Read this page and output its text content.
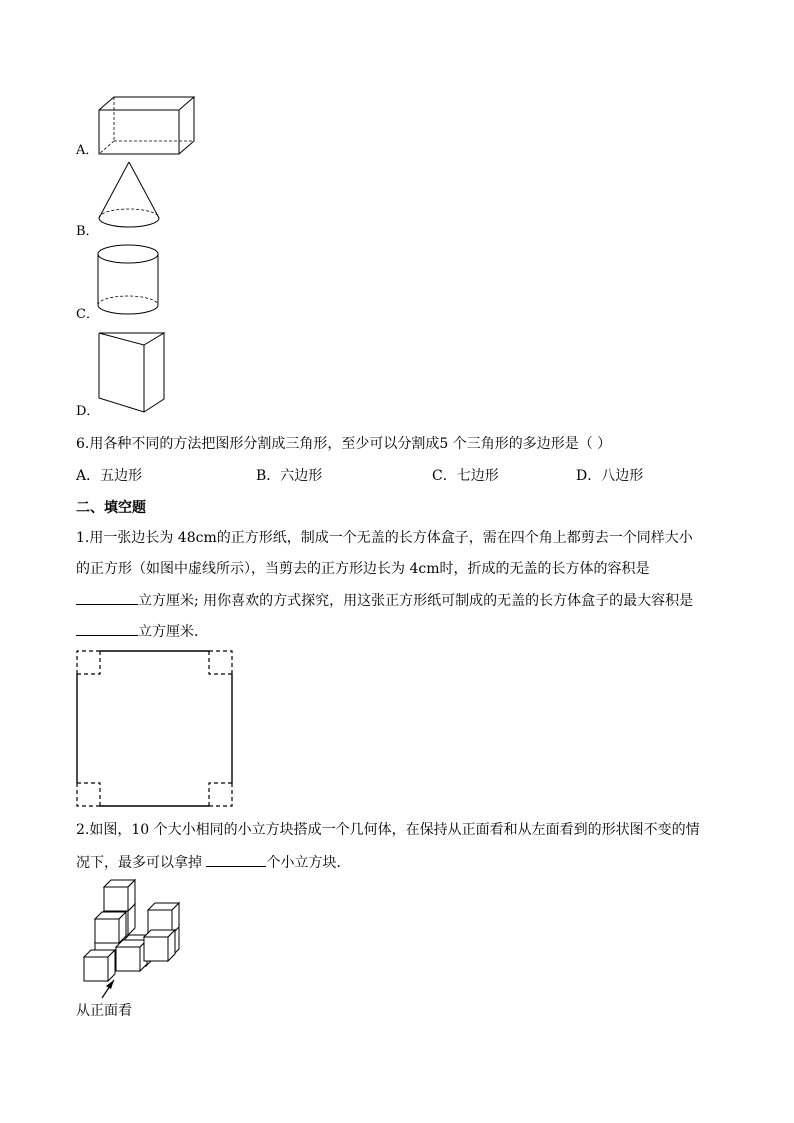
A．
B．
C．
D．
6.用各种不同的方法把图形分割成三角形，至少可以分割成5 个三角形的多边形是（ ）
A．五边形	B．六边形	C．七边形	D．八边形
二、填空题
1.用一张边长为 48cm的正方形纸，制成一个无盖的长方体盒子，需在四个角上都剪去一个同样大小
的正方形（如图中虚线所示），当剪去的正方形边长为 4cm时，折成的无盖的长方体的容积是
立方厘米; 用你喜欢的方式探究，用这张正方形纸可制成的无盖的长方体盒子的最大容积是
立方厘米．
2.如图，10 个大小相同的小立方块搭成一个几何体，在保持从正面看和从左面看到的形状图不变的情
况下，最多可以拿掉	个小立方块．
从正面看
